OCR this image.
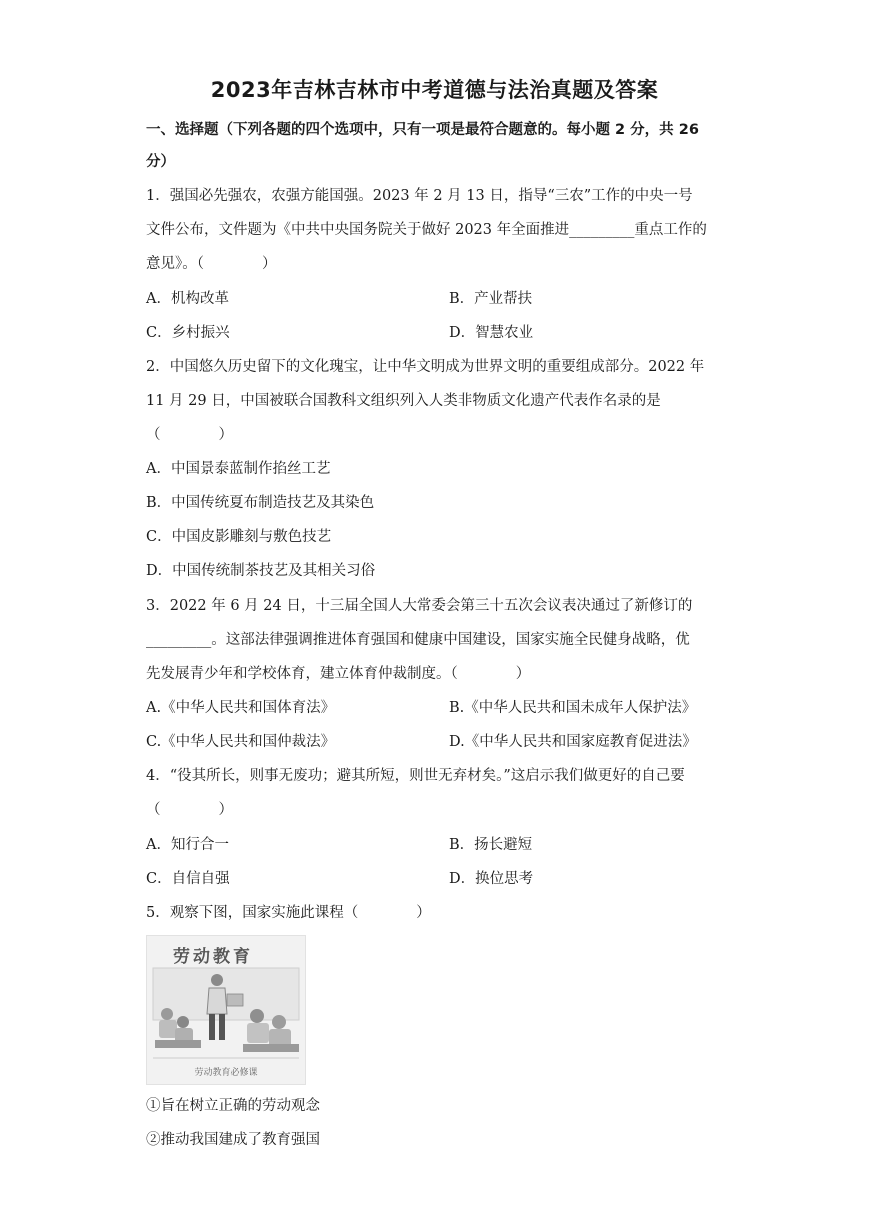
2023年吉林吉林市中考道德与法治真题及答案
一、选择题（下列各题的四个选项中，只有一项是最符合题意的。每小题 2 分，共 26
分）
1．强国必先强农，农强方能国强。2023 年 2 月 13 日，指导“三农”工作的中央一号
文件公布，文件题为《中共中央国务院关于做好 2023 年全面推进_________重点工作的
意见》。（　　　　）
A．机构改革	B．产业帮扶
C．乡村振兴	D．智慧农业
2．中国悠久历史留下的文化瑰宝，让中华文明成为世界文明的重要组成部分。2022 年
11 月 29 日，中国被联合国教科文组织列入人类非物质文化遗产代表作名录的是
（　　　　）
A．中国景泰蓝制作掐丝工艺
B．中国传统夏布制造技艺及其染色
C．中国皮影雕刻与敷色技艺
D．中国传统制茶技艺及其相关习俗
3．2022 年 6 月 24 日，十三届全国人大常委会第三十五次会议表决通过了新修订的
_________。这部法律强调推进体育强国和健康中国建设，国家实施全民健身战略，优
先发展青少年和学校体育，建立体育仲裁制度。（　　　　）
A.《中华人民共和国体育法》	B.《中华人民共和国未成年人保护法》
C.《中华人民共和国仲裁法》	D.《中华人民共和国家庭教育促进法》
4．“役其所长，则事无废功；避其所短，则世无弃材矣。”这启示我们做更好的自己要
（　　　　）
A．知行合一	B．扬长避短
C．自信自强	D．换位思考
5．观察下图，国家实施此课程（　　　　）
劳动教育
劳动教育必修课
①旨在树立正确的劳动观念
②推动我国建成了教育强国
